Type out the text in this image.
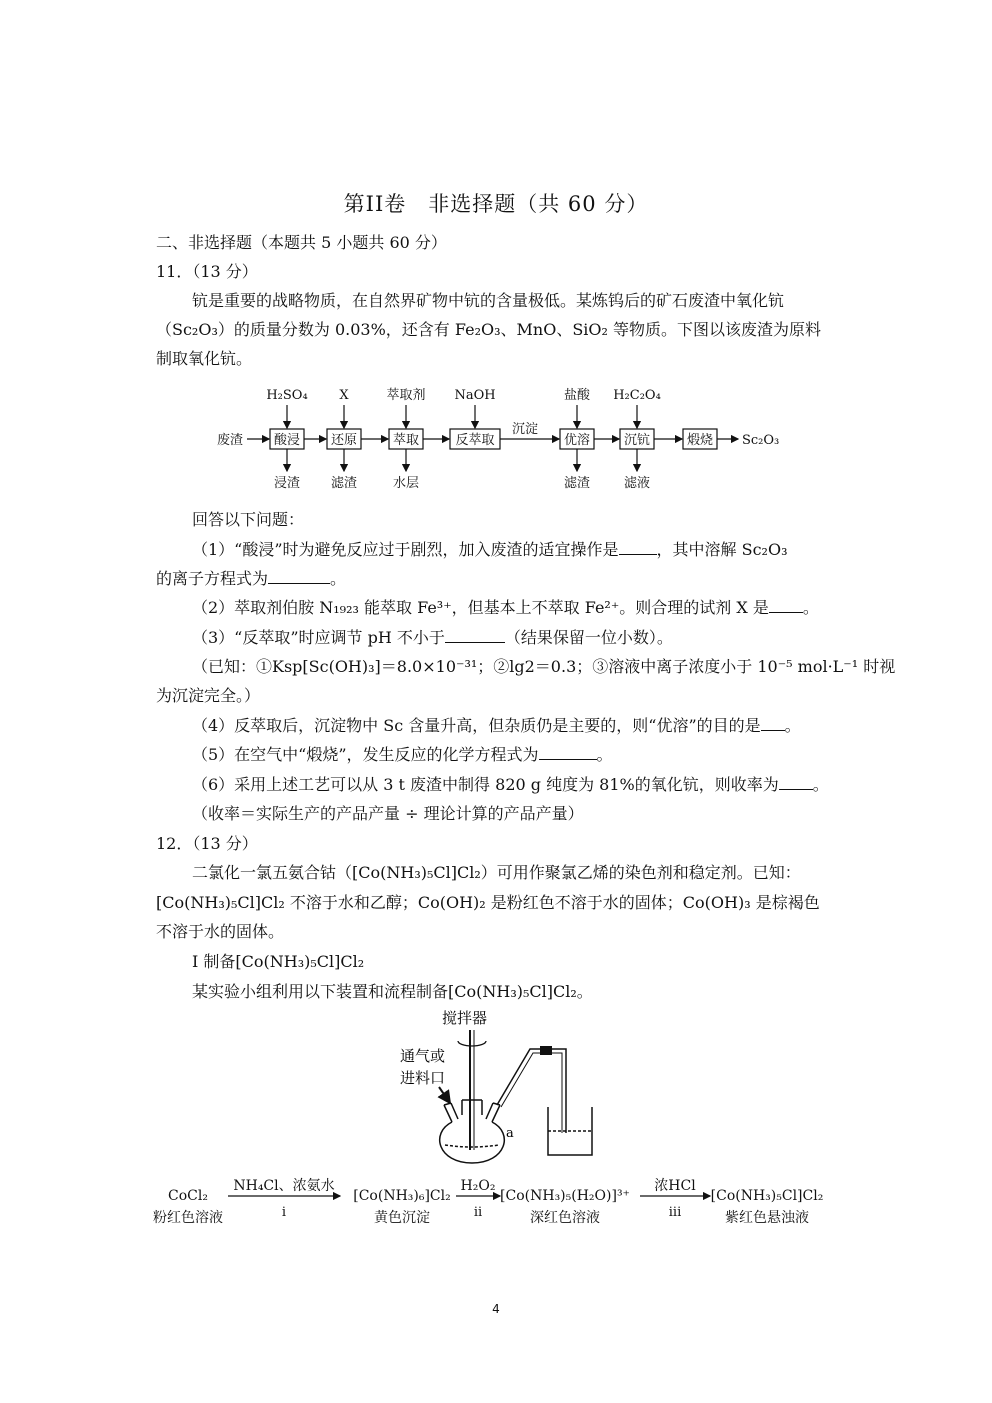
第II卷　非选择题（共 60 分）
二、非选择题（本题共 5 小题共 60 分）
11．（13 分）
钪是重要的战略物质，在自然界矿物中钪的含量极低。某炼钨后的矿石废渣中氧化钪
（Sc₂O₃）的质量分数为 0.03%，还含有 Fe₂O₃、MnO、SiO₂ 等物质。下图以该废渣为原料
制取氧化钪。
废渣 酸浸 还原	萃取	反萃取	优溶	沉钪	煅烧
沉淀
Sc₂O₃
H₂SO₄ X	萃取剂 NaOH	盐酸 H₂C₂O₄
浸渣 滤渣	水层	滤渣	滤液
回答以下问题：
（1）“酸浸”时为避免反应过于剧烈，加入废渣的适宜操作是 ，其中溶解 Sc₂O₃
的离子方程式为	。
（2）萃取剂伯胺 N₁₉₂₃ 能萃取 Fe³⁺，但基本上不萃取 Fe²⁺。则合理的试剂 X 是 。
（3）“反萃取”时应调节 pH 不小于	（结果保留一位小数）。
（已知：①Ksp[Sc(OH)₃]＝8.0×10⁻³¹；②lg2＝0.3；③溶液中离子浓度小于 10⁻⁵ mol·L⁻¹ 时视
为沉淀完全。）
（4）反萃取后，沉淀物中 Sc 含量升高，但杂质仍是主要的，则“优溶”的目的是 。
（5）在空气中“煅烧”，发生反应的化学方程式为	。
（6）采用上述工艺可以从 3 t 废渣中制得 820 g 纯度为 81%的氧化钪，则收率为 。
（收率＝实际生产的产品产量 ÷ 理论计算的产品产量）
12．（13 分）
二氯化一氯五氨合钴（[Co(NH₃)₅Cl]Cl₂）可用作聚氯乙烯的染色剂和稳定剂。已知：
[Co(NH₃)₅Cl]Cl₂ 不溶于水和乙醇；Co(OH)₂ 是粉红色不溶于水的固体；Co(OH)₃ 是棕褐色
不溶于水的固体。
Ⅰ 制备[Co(NH₃)₅Cl]Cl₂
某实验小组利用以下装置和流程制备[Co(NH₃)₅Cl]Cl₂。
搅拌器
通气或
进料口
a
CoCl₂
粉红色溶液
[Co(NH₃)₆]Cl₂
黄色沉淀
[Co(NH₃)₅(H₂O)]³⁺
深红色溶液
[Co(NH₃)₅Cl]Cl₂
紫红色悬浊液
NH₄Cl、浓氨水
i
H₂O₂
ii
浓HCl
iii
4
